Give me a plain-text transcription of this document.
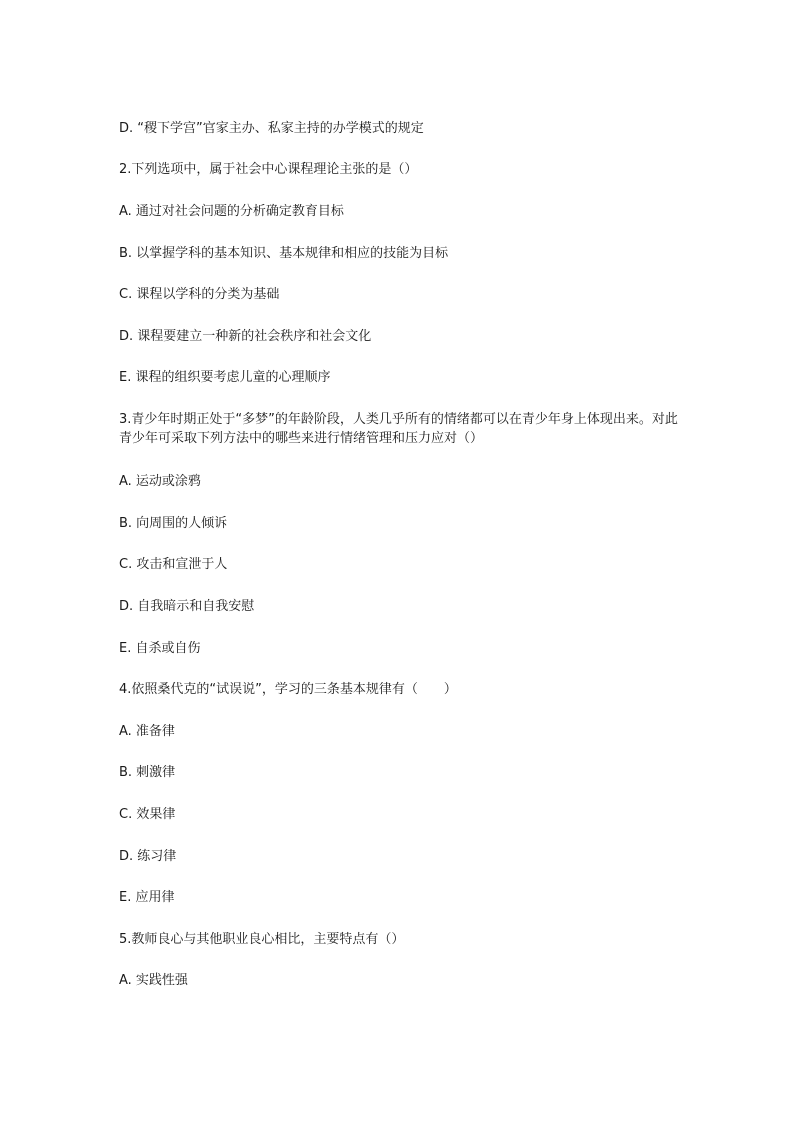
D. “稷下学宫”官家主办、私家主持的办学模式的规定
2.下列选项中，属于社会中心课程理论主张的是（）
A. 通过对社会问题的分析确定教育目标
B. 以掌握学科的基本知识、基本规律和相应的技能为目标
C. 课程以学科的分类为基础
D. 课程要建立一种新的社会秩序和社会文化
E. 课程的组织要考虑儿童的心理顺序
3.青少年时期正处于“多梦”的年龄阶段，人类几乎所有的情绪都可以在青少年身上体现出来。对此青少年可采取下列方法中的哪些来进行情绪管理和压力应对（）
A. 运动或涂鸦
B. 向周围的人倾诉
C. 攻击和宣泄于人
D. 自我暗示和自我安慰
E. 自杀或自伤
4.依照桑代克的“试误说”，学习的三条基本规律有（　　）
A. 准备律
B. 刺激律
C. 效果律
D. 练习律
E. 应用律
5.教师良心与其他职业良心相比，主要特点有（）
A. 实践性强
